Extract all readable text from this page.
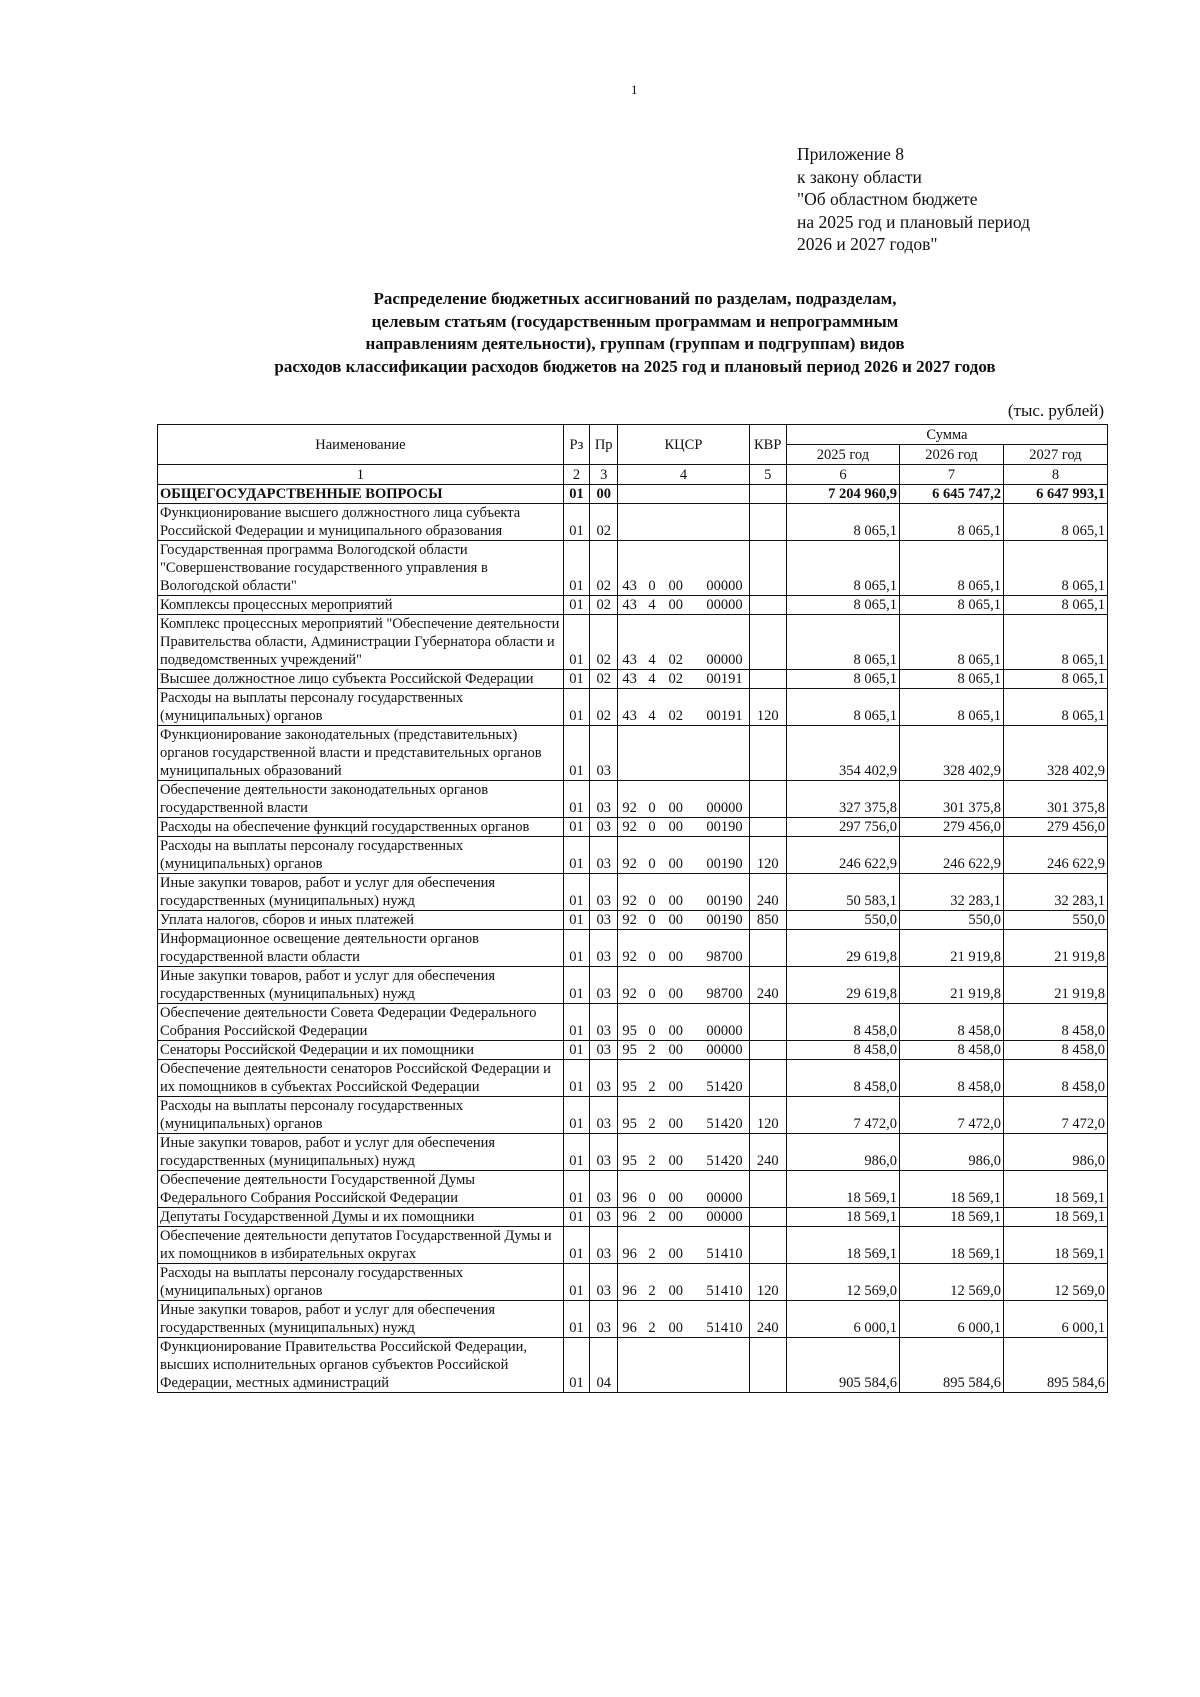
1
Приложение 8
к закону области
"Об областном бюджете
на 2025 год и плановый период
2026 и 2027 годов"
Распределение бюджетных ассигнований по разделам, подразделам,
целевым статьям (государственным программам и непрограммным
направлениям деятельности), группам (группам и подгруппам) видов
расходов классификации расходов бюджетов на 2025 год и плановый период 2026 и 2027 годов
(тыс. рублей)
Наименование	Рз	Пр	КЦСР	КВР	Сумма		
					2025 год	2026 год	2027 год
1	2	3	4	5	6	7	8
ОБЩЕГОСУДАРСТВЕННЫЕ ВОПРОСЫ	01	00			7 204 960,9	6 645 747,2	6 647 993,1
Функционирование высшего должностного лица субъекта Российской Федерации и муниципального образования	01	02			8 065,1	8 065,1	8 065,1
Государственная программа Вологодской области "Совершенствование государственного управления в Вологодской области"	01	02	43 0 00 00000		8 065,1	8 065,1	8 065,1
Комплексы процессных мероприятий	01	02	43 4 00 00000		8 065,1	8 065,1	8 065,1
Комплекс процессных мероприятий "Обеспечение деятельности Правительства области, Администрации Губернатора области и подведомственных учреждений"	01	02	43 4 02 00000		8 065,1	8 065,1	8 065,1
Высшее должностное лицо субъекта Российской Федерации	01	02	43 4 02 00191		8 065,1	8 065,1	8 065,1
Расходы на выплаты персоналу государственных (муниципальных) органов	01	02	43 4 02 00191	120	8 065,1	8 065,1	8 065,1
Функционирование законодательных (представительных) органов государственной власти и представительных органов муниципальных образований	01	03			354 402,9	328 402,9	328 402,9
Обеспечение деятельности законодательных органов государственной власти	01	03	92 0 00 00000		327 375,8	301 375,8	301 375,8
Расходы на обеспечение функций государственных органов	01	03	92 0 00 00190		297 756,0	279 456,0	279 456,0
Расходы на выплаты персоналу государственных (муниципальных) органов	01	03	92 0 00 00190	120	246 622,9	246 622,9	246 622,9
Иные закупки товаров, работ и услуг для обеспечения государственных (муниципальных) нужд	01	03	92 0 00 00190	240	50 583,1	32 283,1	32 283,1
Уплата налогов, сборов и иных платежей	01	03	92 0 00 00190	850	550,0	550,0	550,0
Информационное освещение деятельности органов государственной власти области	01	03	92 0 00 98700		29 619,8	21 919,8	21 919,8
Иные закупки товаров, работ и услуг для обеспечения государственных (муниципальных) нужд	01	03	92 0 00 98700	240	29 619,8	21 919,8	21 919,8
Обеспечение деятельности Совета Федерации Федерального Собрания Российской Федерации	01	03	95 0 00 00000		8 458,0	8 458,0	8 458,0
Сенаторы Российской Федерации и их помощники	01	03	95 2 00 00000		8 458,0	8 458,0	8 458,0
Обеспечение деятельности сенаторов Российской Федерации и их помощников в субъектах Российской Федерации	01	03	95 2 00 51420		8 458,0	8 458,0	8 458,0
Расходы на выплаты персоналу государственных (муниципальных) органов	01	03	95 2 00 51420	120	7 472,0	7 472,0	7 472,0
Иные закупки товаров, работ и услуг для обеспечения государственных (муниципальных) нужд	01	03	95 2 00 51420	240	986,0	986,0	986,0
Обеспечение деятельности Государственной Думы Федерального Собрания Российской Федерации	01	03	96 0 00 00000		18 569,1	18 569,1	18 569,1
Депутаты Государственной Думы и их помощники	01	03	96 2 00 00000		18 569,1	18 569,1	18 569,1
Обеспечение деятельности депутатов Государственной Думы и их помощников в избирательных округах	01	03	96 2 00 51410		18 569,1	18 569,1	18 569,1
Расходы на выплаты персоналу государственных (муниципальных) органов	01	03	96 2 00 51410	120	12 569,0	12 569,0	12 569,0
Иные закупки товаров, работ и услуг для обеспечения государственных (муниципальных) нужд	01	03	96 2 00 51410	240	6 000,1	6 000,1	6 000,1
Функционирование Правительства Российской Федерации, высших исполнительных органов субъектов Российской Федерации, местных администраций	01	04			905 584,6	895 584,6	895 584,6
